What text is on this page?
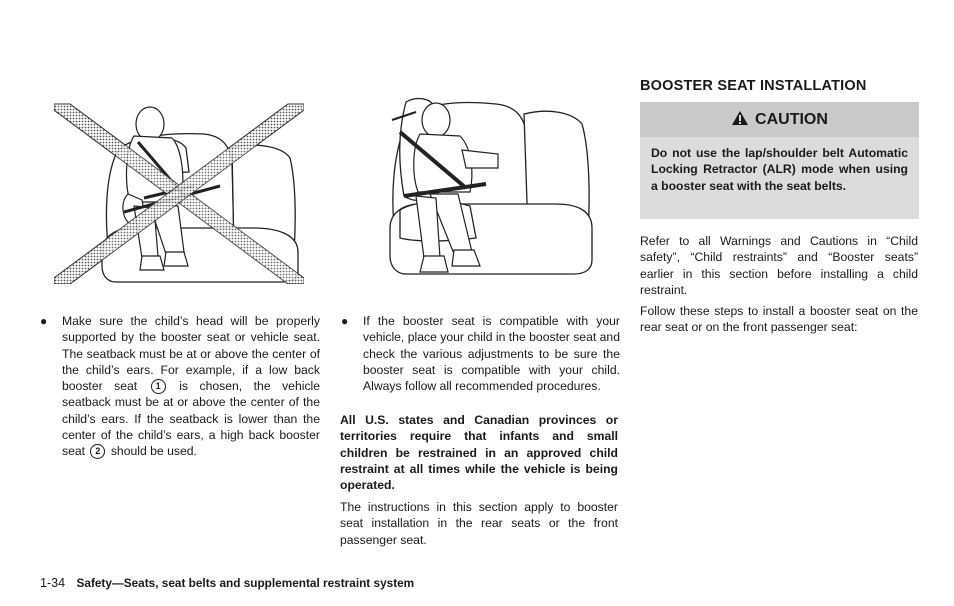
● Make sure the child’s head will be properly supported by the booster seat or vehicle seat. The seatback must be at or above the center of the child’s ears. For example, if a low back booster seat 1 is chosen, the vehicle seatback must be at or above the center of the child’s ears. If the seatback is lower than the center of the child’s ears, a high back booster seat 2 should be used.
● If the booster seat is compatible with your vehicle, place your child in the booster seat and check the various adjustments to be sure the booster seat is compatible with your child. Always follow all recommended procedures.
All U.S. states and Canadian provinces or territories require that infants and small children be restrained in an approved child restraint at all times while the vehicle is being operated.
The instructions in this section apply to booster seat installation in the rear seats or the front passenger seat.
BOOSTER SEAT INSTALLATION
CAUTION
Do not use the lap/shoulder belt Automatic Locking Retractor (ALR) mode when using a booster seat with the seat belts.
Refer to all Warnings and Cautions in “Child safety”, “Child restraints” and “Booster seats” earlier in this section before installing a child restraint.
Follow these steps to install a booster seat on the rear seat or on the front passenger seat:
1-34 Safety—Seats, seat belts and supplemental restraint system
